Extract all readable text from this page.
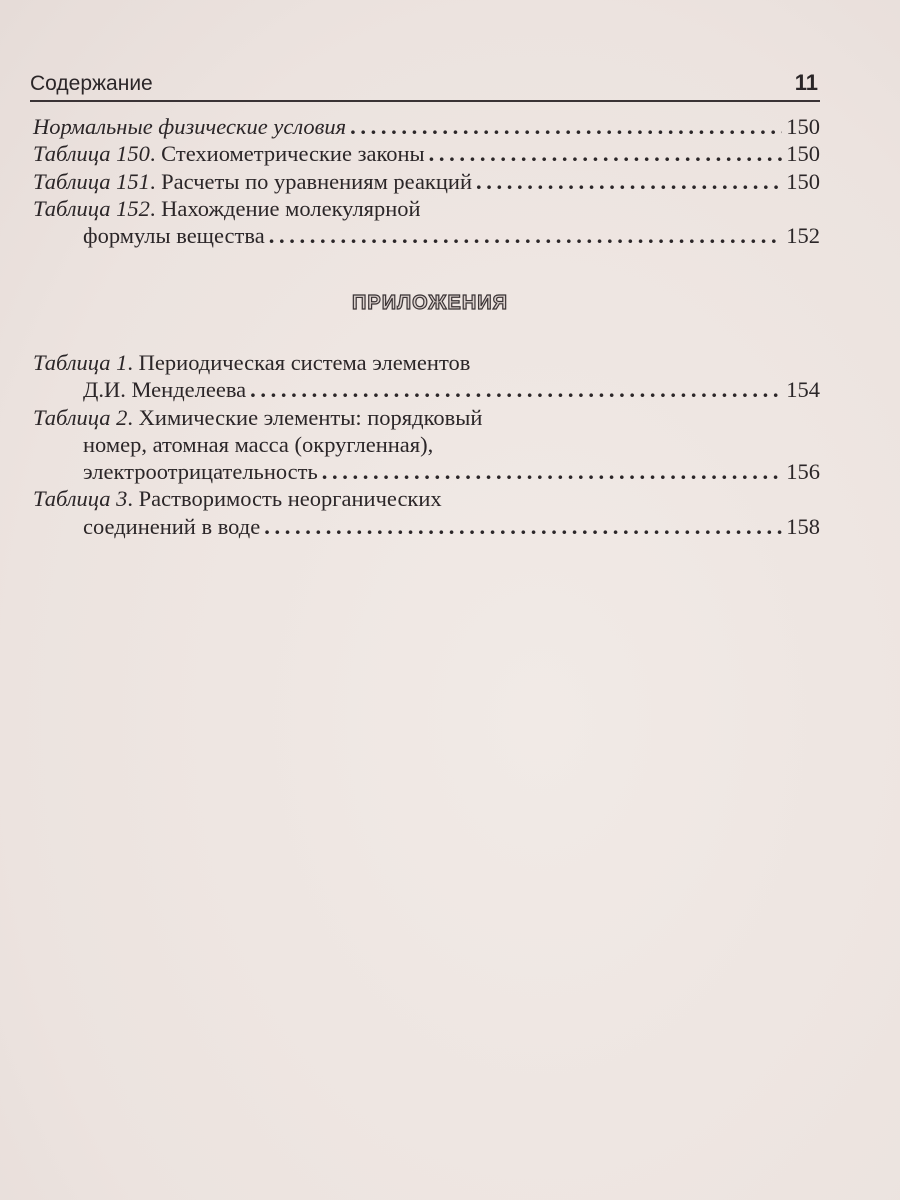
Содержание	11
Нормальные физические условия . . .	150
Таблица 150 . Стехиометрические законы . . .	150
Таблица 151 . Расчеты по уравнениям реакций . . .	150
Таблица 152 . Нахождение молекулярной
формулы вещества . . .	152
ПРИЛОЖЕНИЯ
Таблица 1 . Периодическая система элементов
Д.И. Менделеева . . .	154
Таблица 2 . Химические элементы: порядковый
номер, атомная масса (округленная),
электроотрицательность . . .	156
Таблица 3 . Растворимость неорганических
соединений в воде . . .	158
